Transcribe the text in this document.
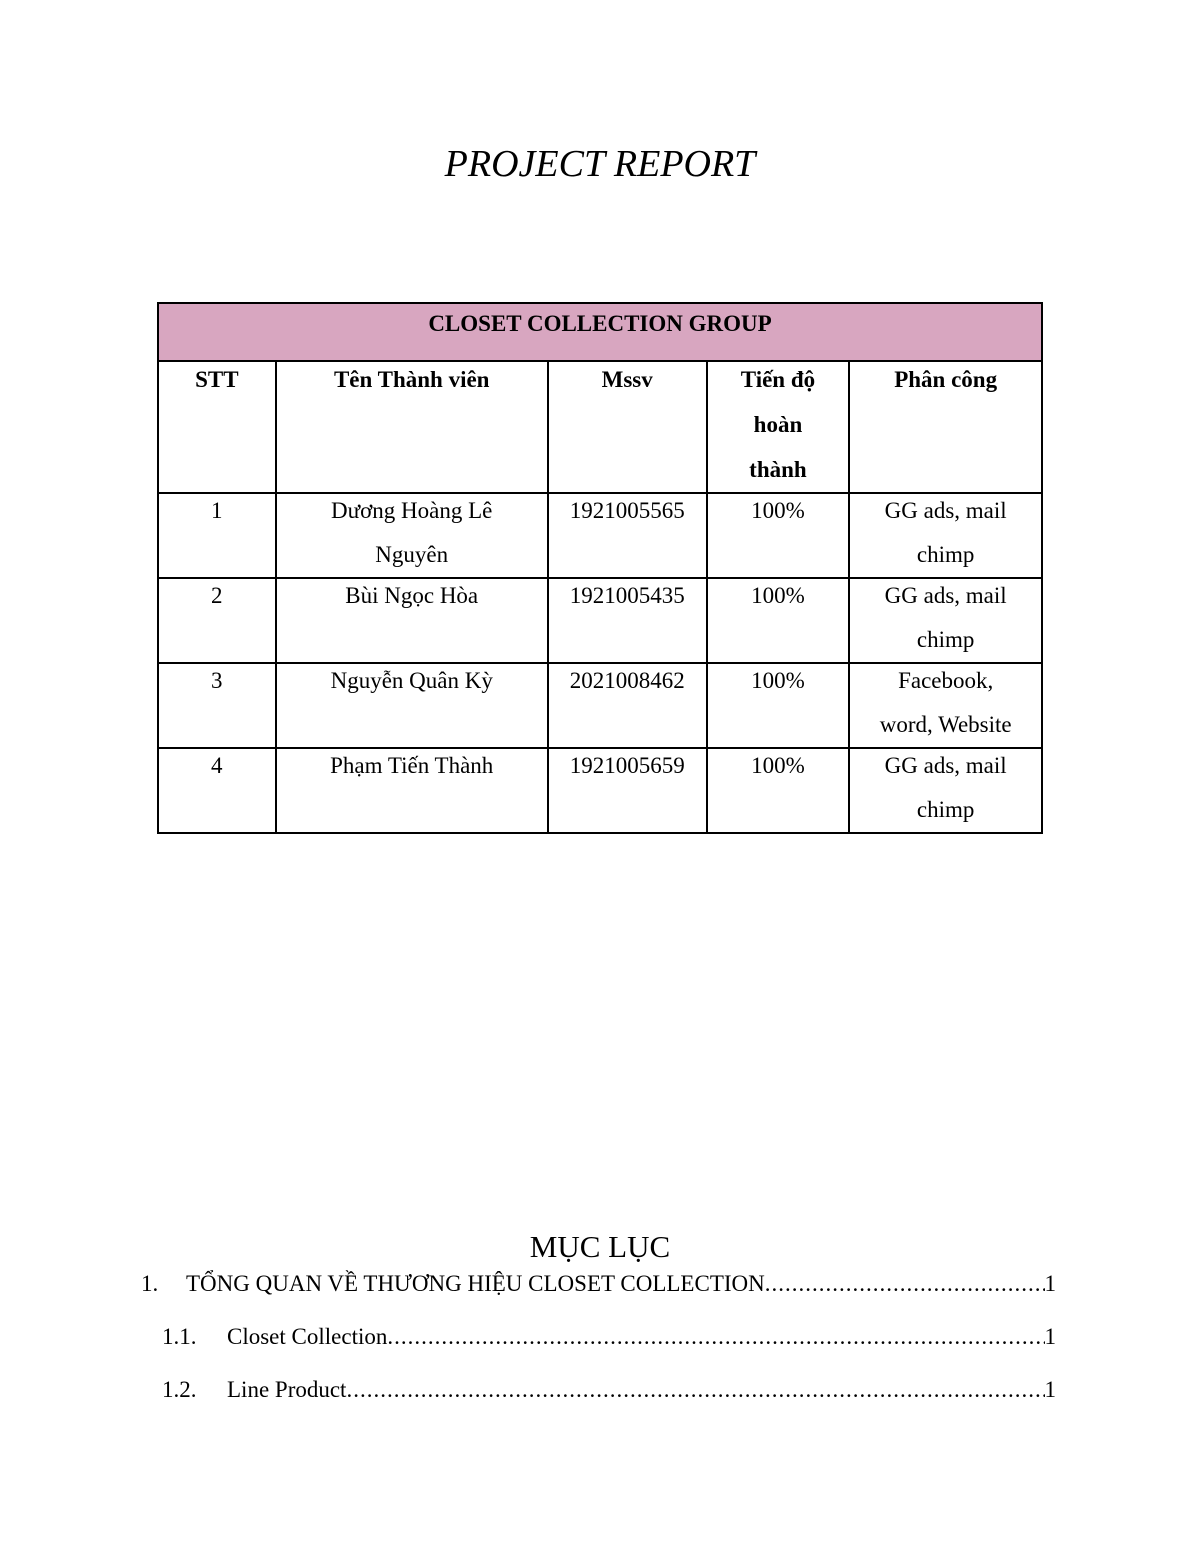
PROJECT REPORT
CLOSET COLLECTION GROUP				

STT	Tên Thành viên	Mssv	Tiến độ hoàn thành	Phân công

1	Dương Hoàng Lê Nguyên	1921005565	100%	GG ads, mail chimp

2	Bùi Ngọc Hòa	1921005435	100%	GG ads, mail chimp

3	Nguyễn Quân Kỳ	2021008462	100%	Facebook, word, Website

4	Phạm Tiến Thành	1921005659	100%	GG ads, mail chimp
MỤC LỤC
1.	TỔNG QUAN VỀ THƯƠNG HIỆU CLOSET COLLECTION .....	1
1.1.	Closet Collection .....	1
1.2.	Line Product .....	1
